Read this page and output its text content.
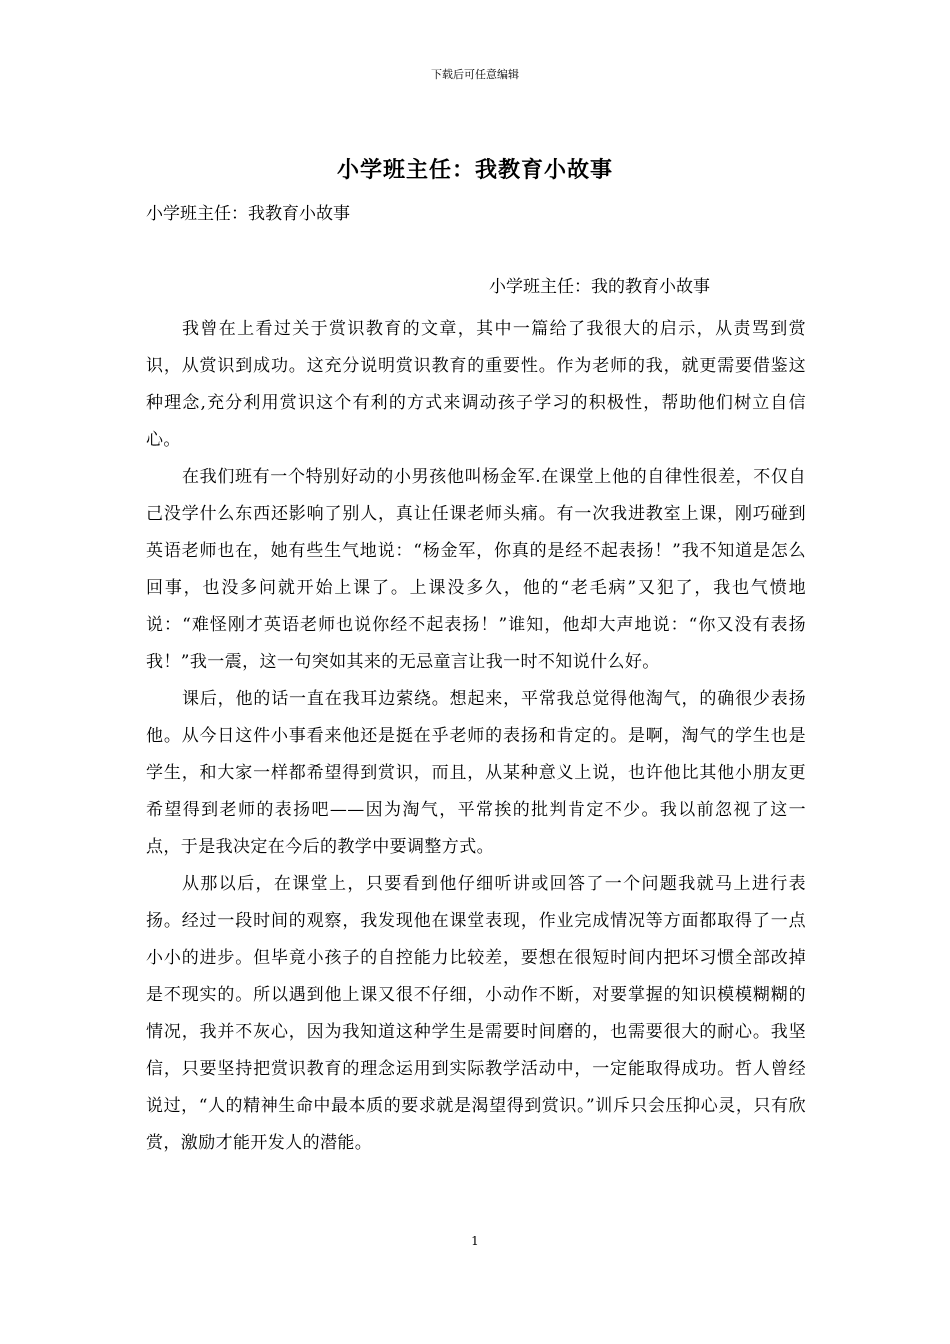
下载后可任意编辑
小学班主任：我教育小故事
小学班主任：我教育小故事
小学班主任：我的教育小故事

我曾在上看过关于赏识教育的文章，其中一篇给了我很大的启示，从责骂到赏识，从赏识到成功。这充分说明赏识教育的重要性。作为老师的我，就更需要借鉴这种理念,充分利用赏识这个有利的方式来调动孩子学习的积极性，帮助他们树立自信心。

在我们班有一个特别好动的小男孩他叫杨金军.在课堂上他的自律性很差，不仅自己没学什么东西还影响了别人，真让任课老师头痛。有一次我进教室上课，刚巧碰到英语老师也在，她有些生气地说：“杨金军，你真的是经不起表扬！”我不知道是怎么回事，也没多问就开始上课了。上课没多久，他的“老毛病”又犯了，我也气愤地说：“难怪刚才英语老师也说你经不起表扬！”谁知，他却大声地说：“你又没有表扬我！”我一震，这一句突如其来的无忌童言让我一时不知说什么好。

课后，他的话一直在我耳边萦绕。想起来，平常我总觉得他淘气，的确很少表扬他。从今日这件小事看来他还是挺在乎老师的表扬和肯定的。是啊，淘气的学生也是学生，和大家一样都希望得到赏识，而且，从某种意义上说，也许他比其他小朋友更希望得到老师的表扬吧——因为淘气，平常挨的批判肯定不少。我以前忽视了这一点，于是我决定在今后的教学中要调整方式。

从那以后，在课堂上，只要看到他仔细听讲或回答了一个问题我就马上进行表扬。经过一段时间的观察，我发现他在课堂表现，作业完成情况等方面都取得了一点小小的进步。但毕竟小孩子的自控能力比较差，要想在很短时间内把坏习惯全部改掉是不现实的。所以遇到他上课又很不仔细，小动作不断，对要掌握的知识模模糊糊的情况，我并不灰心，因为我知道这种学生是需要时间磨的，也需要很大的耐心。我坚信，只要坚持把赏识教育的理念运用到实际教学活动中，一定能取得成功。哲人曾经说过，“人的精神生命中最本质的要求就是渴望得到赏识。”训斥只会压抑心灵，只有欣赏，激励才能开发人的潜能。

1
